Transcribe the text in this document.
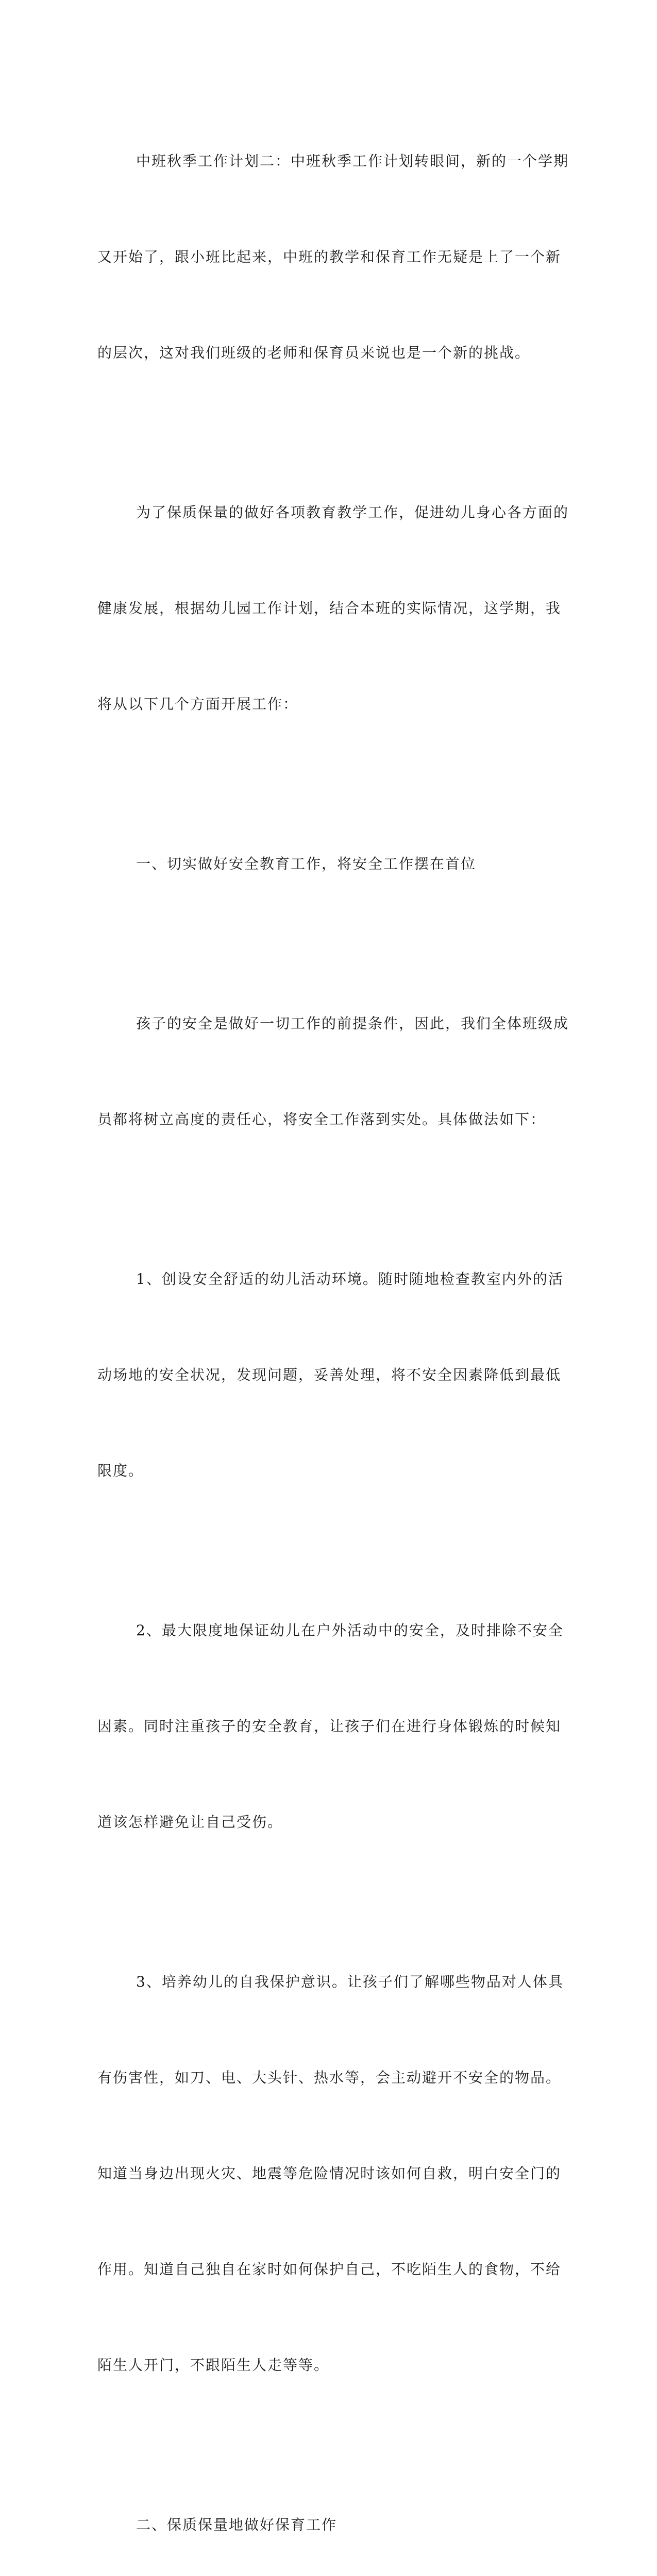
中班秋季工作计划二：中班秋季工作计划转眼间，新的一个学期

又开始了，跟小班比起来，中班的教学和保育工作无疑是上了一个新

的层次，这对我们班级的老师和保育员来说也是一个新的挑战。

为了保质保量的做好各项教育教学工作，促进幼儿身心各方面的

健康发展，根据幼儿园工作计划，结合本班的实际情况，这学期，我

将从以下几个方面开展工作：

一、切实做好安全教育工作，将安全工作摆在首位

孩子的安全是做好一切工作的前提条件，因此，我们全体班级成

员都将树立高度的责任心，将安全工作落到实处。具体做法如下：

1、创设安全舒适的幼儿活动环境。随时随地检查教室内外的活

动场地的安全状况，发现问题，妥善处理，将不安全因素降低到最低

限度。

2、最大限度地保证幼儿在户外活动中的安全，及时排除不安全

因素。同时注重孩子的安全教育，让孩子们在进行身体锻炼的时候知

道该怎样避免让自己受伤。

3、培养幼儿的自我保护意识。让孩子们了解哪些物品对人体具

有伤害性，如刀、电、大头针、热水等，会主动避开不安全的物品。

知道当身边出现火灾、地震等危险情况时该如何自救，明白安全门的

作用。知道自己独自在家时如何保护自己，不吃陌生人的食物，不给

陌生人开门，不跟陌生人走等等。

二、保质保量地做好保育工作
